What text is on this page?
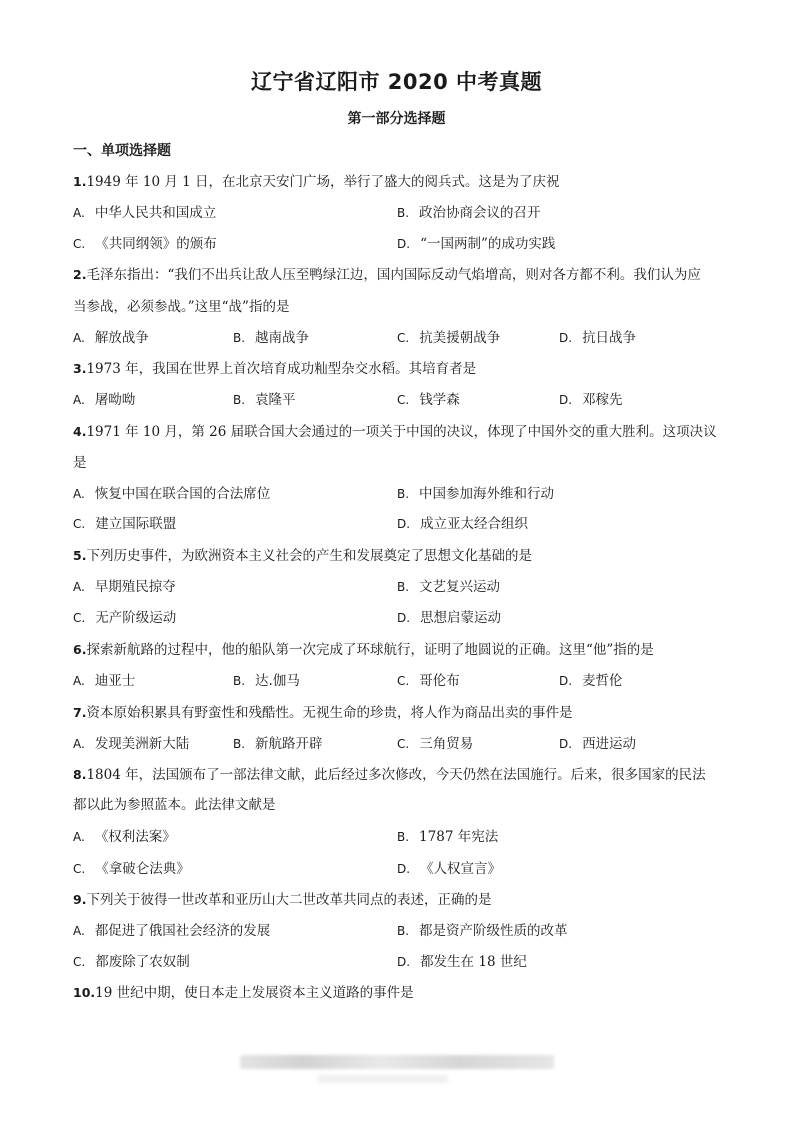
辽宁省辽阳市 2020 中考真题
第一部分选择题
一、单项选择题
1.1949 年 10 月 1 日，在北京天安门广场，举行了盛大的阅兵式。这是为了庆祝
A. 中华人民共和国成立	B. 政治协商会议的召开
C. 《共同纲领》的颁布	D. “一国两制”的成功实践
2.毛泽东指出：“我们不出兵让敌人压至鸭绿江边，国内国际反动气焰增高，则对各方都不利。我们认为应
当参战，必须参战。”这里“战”指的是
A. 解放战争	B. 越南战争	C. 抗美援朝战争	D. 抗日战争
3.1973 年，我国在世界上首次培育成功籼型杂交水稻。其培育者是
A. 屠呦呦	B. 袁隆平	C. 钱学森	D. 邓稼先
4.1971 年 10 月，第 26 届联合国大会通过的一项关于中国的决议，体现了中国外交的重大胜利。这项决议
是
A. 恢复中国在联合国的合法席位	B. 中国参加海外维和行动
C. 建立国际联盟	D. 成立亚太经合组织
5.下列历史事件，为欧洲资本主义社会的产生和发展奠定了思想文化基础的是
A. 早期殖民掠夺	B. 文艺复兴运动
C. 无产阶级运动	D. 思想启蒙运动
6.探索新航路的过程中，他的船队第一次完成了环球航行，证明了地圆说的正确。这里“他”指的是
A. 迪亚士	B. 达.伽马	C. 哥伦布	D. 麦哲伦
7.资本原始积累具有野蛮性和残酷性。无视生命的珍贵，将人作为商品出卖的事件是
A. 发现美洲新大陆	B. 新航路开辟	C. 三角贸易	D. 西进运动
8.1804 年，法国颁布了一部法律文献，此后经过多次修改，今天仍然在法国施行。后来，很多国家的民法
都以此为参照蓝本。此法律文献是
A. 《权利法案》	B. 1787 年宪法
C. 《拿破仑法典》	D. 《人权宣言》
9.下列关于彼得一世改革和亚历山大二世改革共同点的表述，正确的是
A. 都促进了俄国社会经济的发展	B. 都是资产阶级性质的改革
C. 都废除了农奴制	D. 都发生在 18 世纪
10.19 世纪中期，使日本走上发展资本主义道路的事件是
